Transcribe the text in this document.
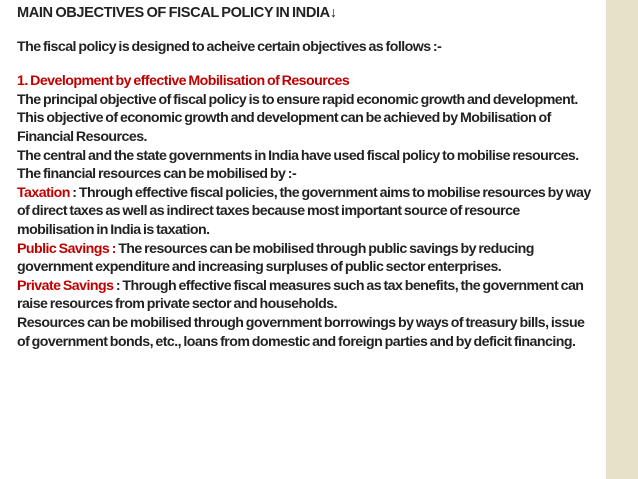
MAIN OBJECTIVES OF FISCAL POLICY IN INDIA↓
The fiscal policy is designed to acheive certain objectives as follows :-
1. Development by effective Mobilisation of Resources
The principal objective of fiscal policy is to ensure rapid economic growth and development. This objective of economic growth and development can be achieved by Mobilisation of Financial Resources.
The central and the state governments in India have used fiscal policy to mobilise resources.
The financial resources can be mobilised by :-
Taxation : Through effective fiscal policies, the government aims to mobilise resources by way of direct taxes as well as indirect taxes because most important source of resource mobilisation in India is taxation.
Public Savings : The resources can be mobilised through public savings by reducing government expenditure and increasing surpluses of public sector enterprises.
Private Savings : Through effective fiscal measures such as tax benefits, the government can raise resources from private sector and households.
Resources can be mobilised through government borrowings by ways of treasury bills, issue of government bonds, etc., loans from domestic and foreign parties and by deficit financing.
